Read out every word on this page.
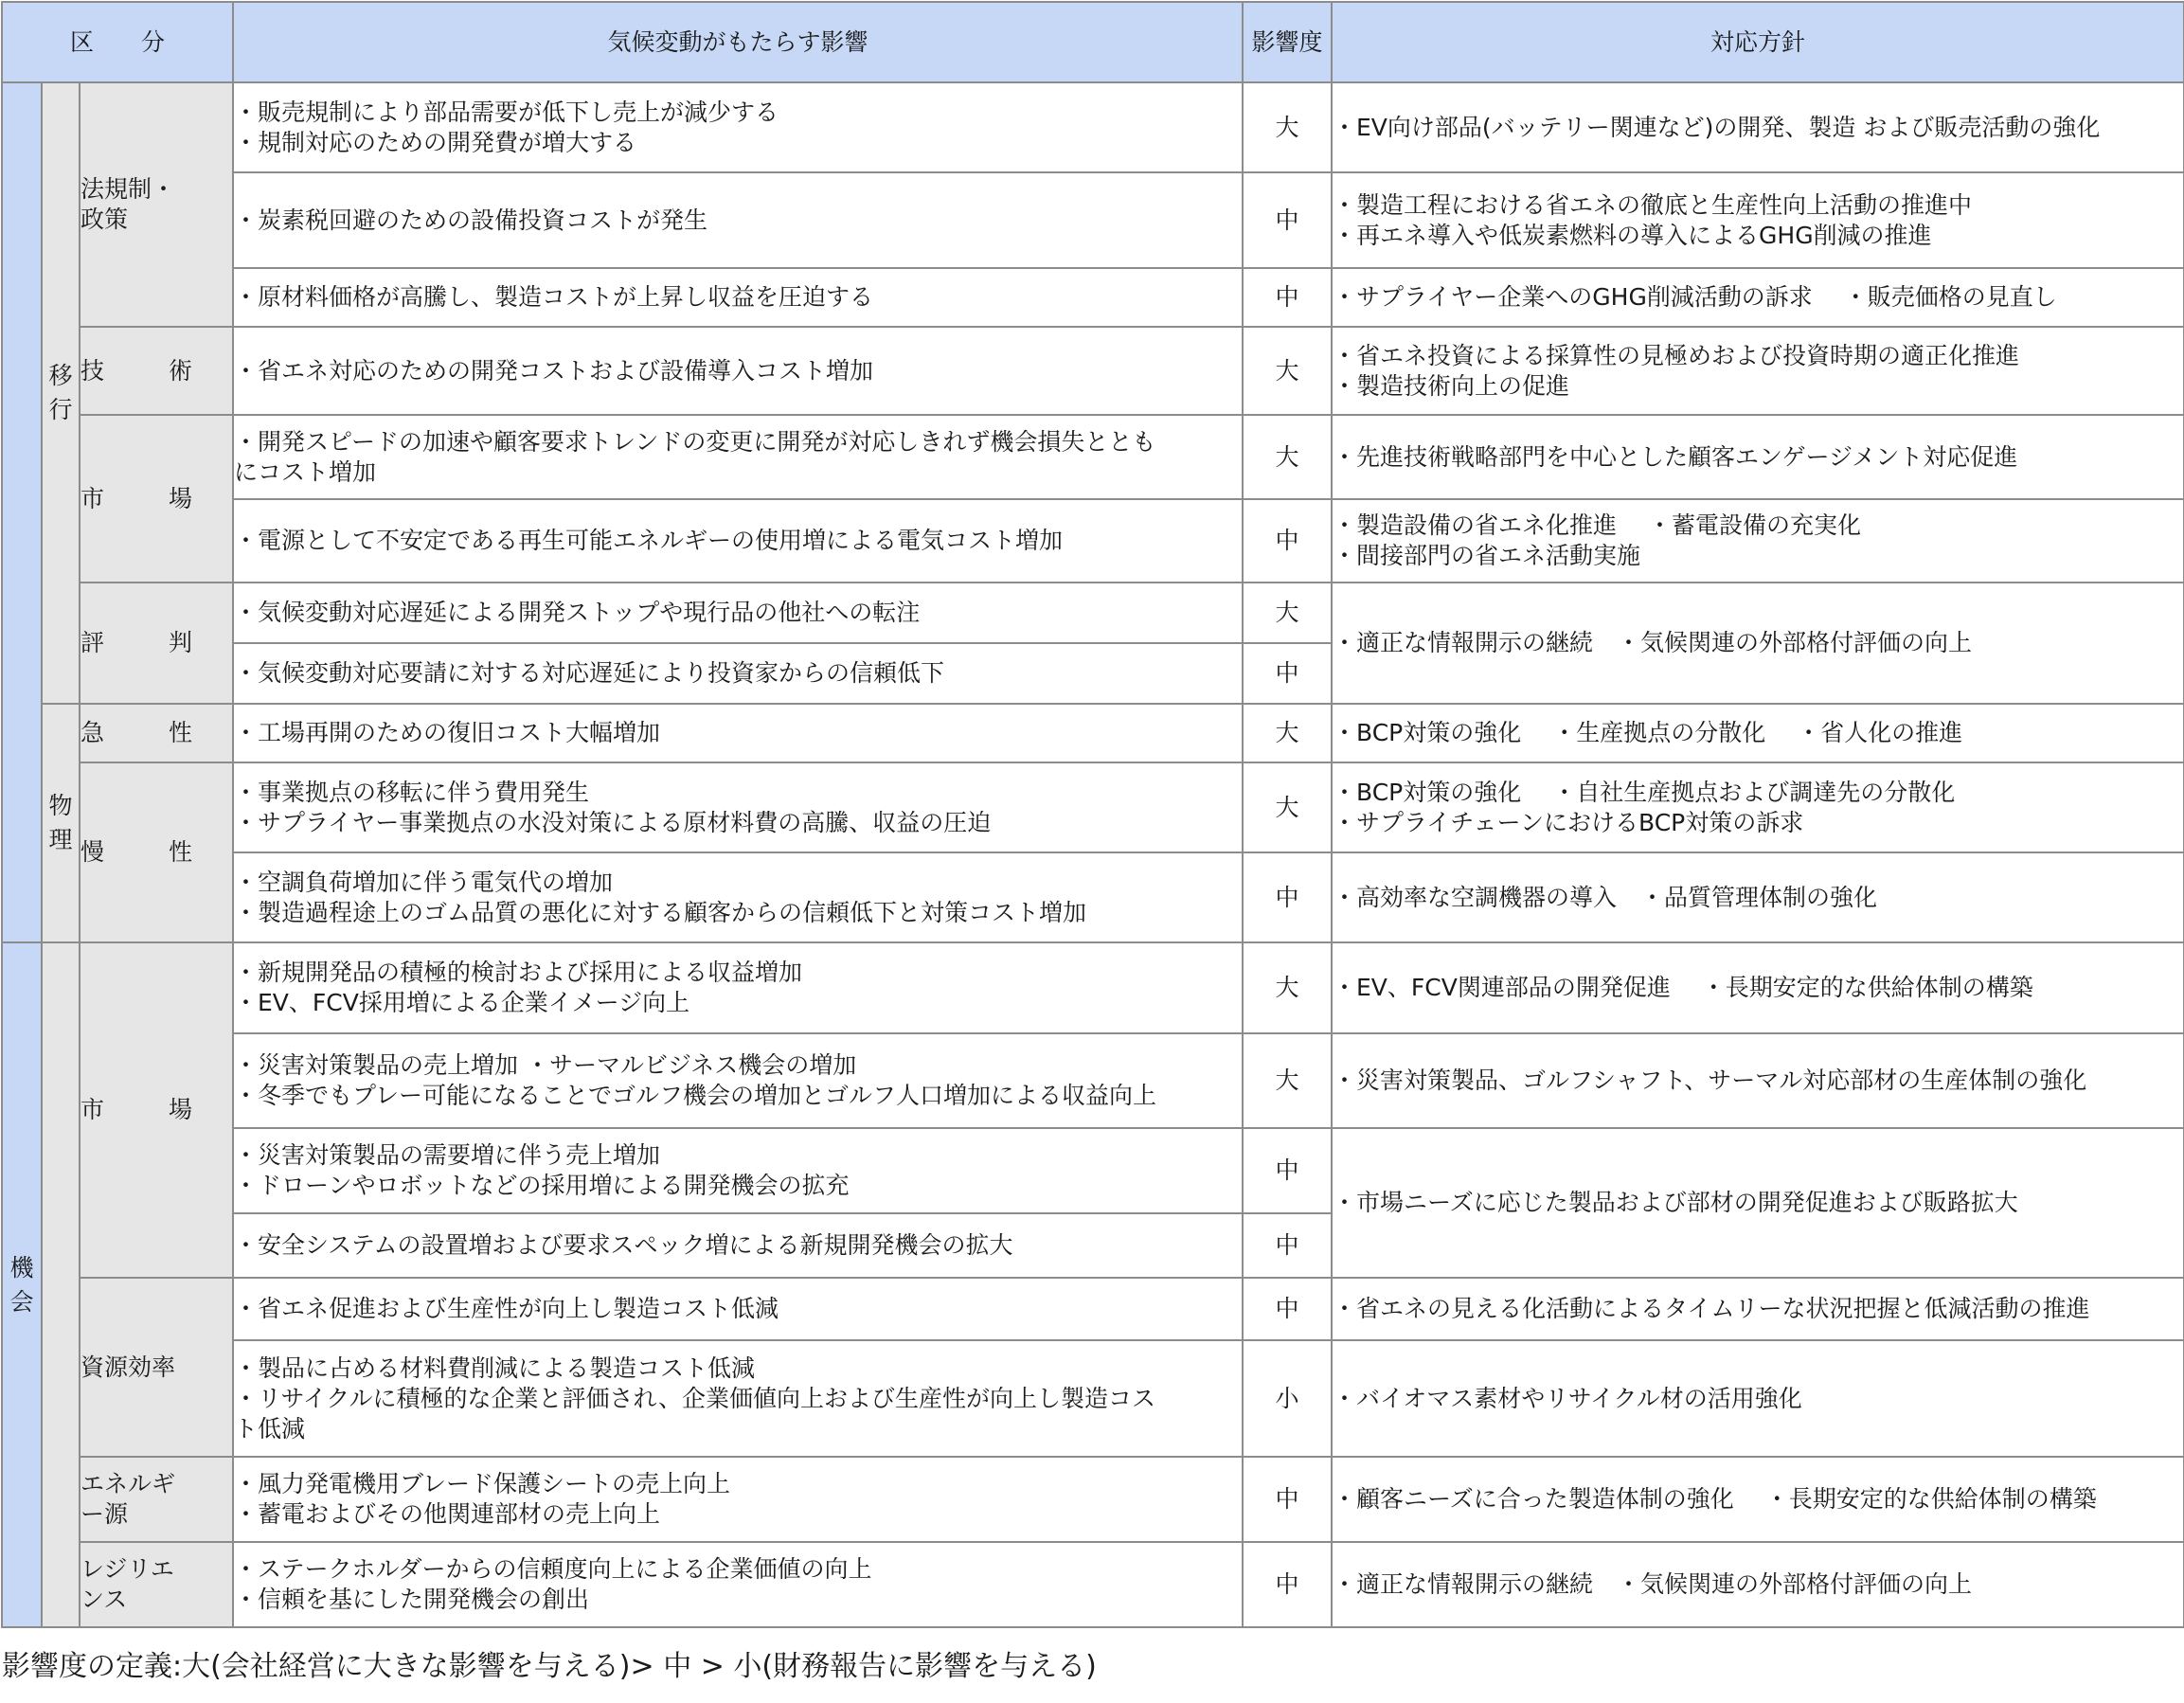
区　　分			気候変動がもたらす影響	影響度	対応方針
	移行	法規制・政策	・販売規制により部品需要が低下し売上が減少する
・規制対応のための開発費が増大する	大	・EV向け部品(バッテリー関連など)の開発、製造 および販売活動の強化

			・炭素税回避のための設備投資コストが発生	中	・製造工程における省エネの徹底と生産性向上活動の推進中
・再エネ導入や低炭素燃料の導入によるGHG削減の推進

			・原材料価格が高騰し、製造コストが上昇し収益を圧迫する	中	・サプライヤー企業へのGHG削減活動の訴求　 ・販売価格の見直し

		技　　術	・省エネ対応のための開発コストおよび設備導入コスト増加	大	・省エネ投資による採算性の見極めおよび投資時期の適正化推進
・製造技術向上の促進

		市　　場	・開発スピードの加速や顧客要求トレンドの変更に開発が対応しきれず機会損失ととも
にコスト増加	大	・先進技術戦略部門を中心とした顧客エンゲージメント対応促進

			・電源として不安定である再生可能エネルギーの使用増による電気コスト増加	中	・製造設備の省エネ化推進　 ・蓄電設備の充実化
・間接部門の省エネ活動実施

		評　　判	・気候変動対応遅延による開発ストップや現行品の他社への転注	大	・適正な情報開示の継続　・気候関連の外部格付評価の向上

			・気候変動対応要請に対する対応遅延により投資家からの信頼低下	中	
	物理	急　　性	・工場再開のための復旧コスト大幅増加	大	・BCP対策の強化　 ・生産拠点の分散化　 ・省人化の推進

		慢　　性	・事業拠点の移転に伴う費用発生
・サプライヤー事業拠点の水没対策による原材料費の高騰、収益の圧迫	大	・BCP対策の強化　 ・自社生産拠点および調達先の分散化
・サプライチェーンにおけるBCP対策の訴求

			・空調負荷増加に伴う電気代の増加
・製造過程途上のゴム品質の悪化に対する顧客からの信頼低下と対策コスト増加	中	・高効率な空調機器の導入　・品質管理体制の強化

機会		市　　場	・新規開発品の積極的検討および採用による収益増加
・EV、FCV採用増による企業イメージ向上	大	・EV、FCV関連部品の開発促進　 ・長期安定的な供給体制の構築

			・災害対策製品の売上増加 ・サーマルビジネス機会の増加
・冬季でもプレー可能になることでゴルフ機会の増加とゴルフ人口増加による収益向上	大	・災害対策製品、ゴルフシャフト、サーマル対応部材の生産体制の強化

			・災害対策製品の需要増に伴う売上増加
・ドローンやロボットなどの採用増による開発機会の拡充	中	・市場ニーズに応じた製品および部材の開発促進および販路拡大

			・安全システムの設置増および要求スペック増による新規開発機会の拡大	中	
		資源効率	・省エネ促進および生産性が向上し製造コスト低減	中	・省エネの見える化活動によるタイムリーな状況把握と低減活動の推進

			・製品に占める材料費削減による製造コスト低減
・リサイクルに積極的な企業と評価され、企業価値向上および生産性が向上し製造コス
ト低減	小	・バイオマス素材やリサイクル材の活用強化

		エネルギー源	・風力発電機用ブレード保護シートの売上向上
・蓄電およびその他関連部材の売上向上	中	・顧客ニーズに合った製造体制の強化　 ・長期安定的な供給体制の構築

		レジリエンス	・ステークホルダーからの信頼度向上による企業価値の向上
・信頼を基にした開発機会の創出	中	・適正な情報開示の継続　・気候関連の外部格付評価の向上
影響度の定義:大(会社経営に大きな影響を与える)> 中 > 小(財務報告に影響を与える)
